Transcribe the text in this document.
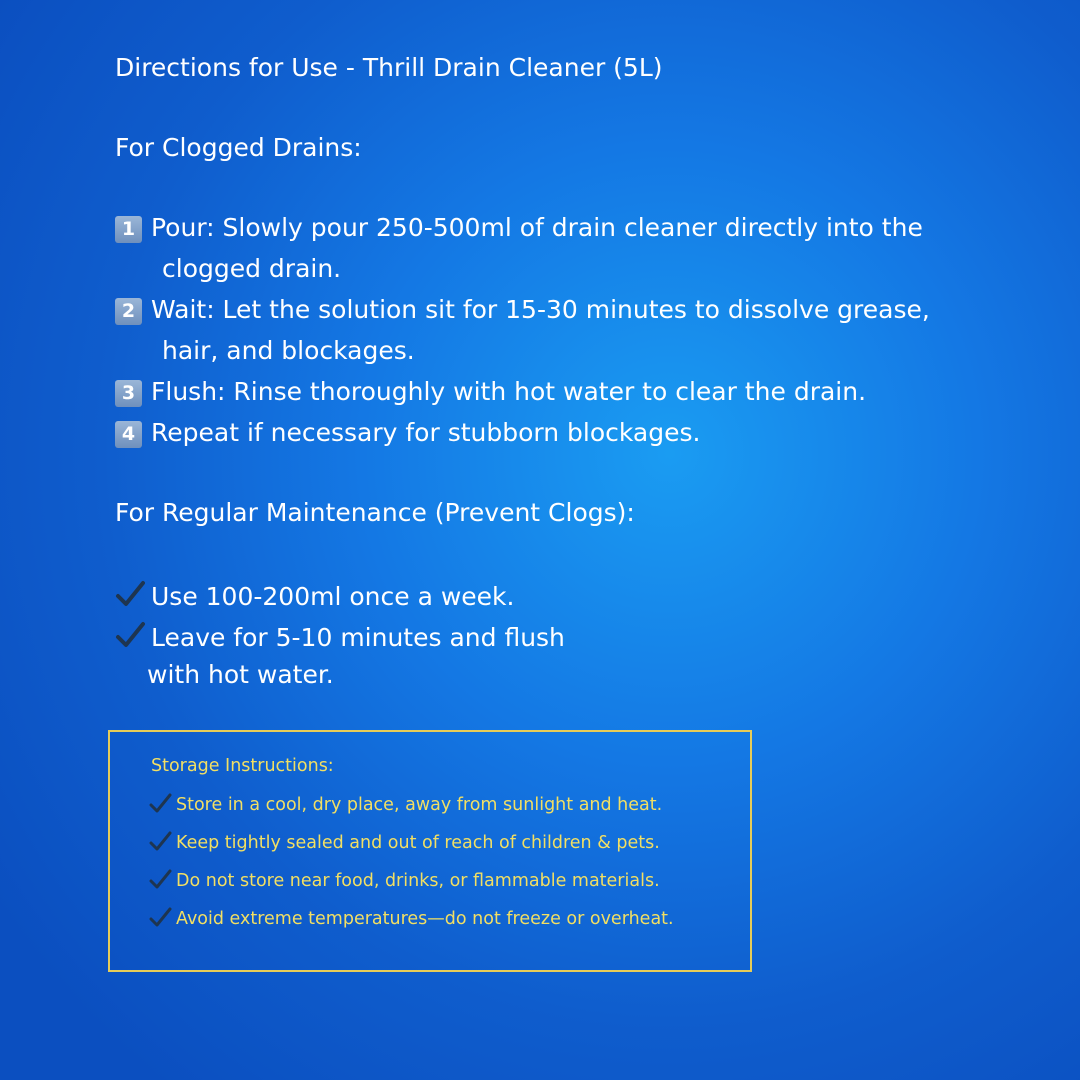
Directions for Use - Thrill Drain Cleaner (5L)
For Clogged Drains:
1 Pour: Slowly pour 250-500ml of drain cleaner directly into the
clogged drain.
2 Wait: Let the solution sit for 15-30 minutes to dissolve grease,
hair, and blockages.
3 Flush: Rinse thoroughly with hot water to clear the drain.
4 Repeat if necessary for stubborn blockages.
For Regular Maintenance (Prevent Clogs):
Use 100-200ml once a week.
Leave for 5-10 minutes and flush
with hot water.
Storage Instructions:
Store in a cool, dry place, away from sunlight and heat.
Keep tightly sealed and out of reach of children & pets.
Do not store near food, drinks, or flammable materials.
Avoid extreme temperatures—do not freeze or overheat.
